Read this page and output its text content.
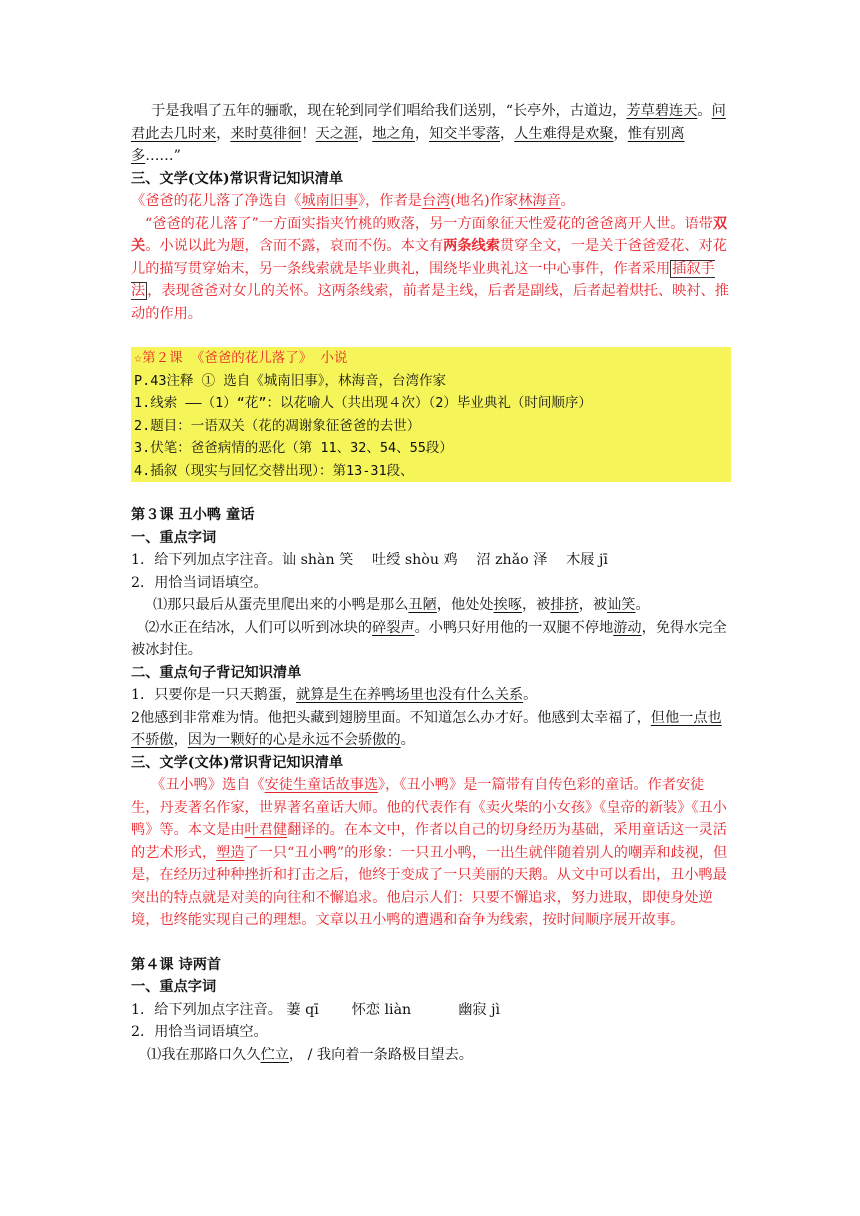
于是我唱了五年的骊歌，现在轮到同学们唱给我们送别，“长亭外，古道边，芳草碧连天。问君此去几时来，来时莫徘徊！天之涯，地之角，知交半零落，人生难得是欢聚，惟有别离多……”

三、文学(文体)常识背记知识清单

《爸爸的花儿落了净选自《城南旧事》，作者是台湾(地名)作家林海音。

“爸爸的花儿落了”一方面实指夹竹桃的败落，另一方面象征天性爱花的爸爸离开人世。语带双关。小说以此为题，含而不露，哀而不伤。本文有两条线索贯穿全文，一是关于爸爸爱花、对花儿的描写贯穿始末，另一条线索就是毕业典礼，围绕毕业典礼这一中心事件，作者采用 插叙手法 ，表现爸爸对女儿的关怀。这两条线索，前者是主线，后者是副线，后者起着烘托、映衬、推动的作用。

☆第２课 《爸爸的花儿落了》 小说

P.43注释 ① 选自《城南旧事》，林海音，台湾作家

1.线索 ——（1）“花”：以花喻人（共出现４次）（2）毕业典礼（时间顺序）

2.题目：一语双关（花的凋谢象征爸爸的去世）

3.伏笔：爸爸病情的恶化（第 11、32、54、55段）

4.插叙（现实与回忆交替出现）：第13-31段、

第３课 丑小鸭 童话

一、重点字词

1．给下列加点字注音。讪 shàn 笑　 吐绶 shòu 鸡　 沼 zhǎo 泽　 木屐 jī

2．用恰当词语填空。

⑴那只最后从蛋壳里爬出来的小鸭是那么丑陋，他处处挨啄，被排挤，被讪笑。

⑵水正在结冰，人们可以听到冰块的碎裂声。小鸭只好用他的一双腿不停地游动，免得水完全被冰封住。

二、重点句子背记知识清单

1．只要你是一只天鹅蛋，就算是生在养鸭场里也没有什么关系。

2他感到非常难为情。他把头藏到翅膀里面。不知道怎么办才好。他感到太幸福了，但他一点也不骄傲，因为一颗好的心是永远不会骄傲的。

三、文学(文体)常识背记知识清单

《丑小鸭》选自《安徒生童话故事选》，《丑小鸭》是一篇带有自传色彩的童话。作者安徒生，丹麦著名作家，世界著名童话大师。他的代表作有《卖火柴的小女孩》《皇帝的新装》《丑小鸭》等。本文是由叶君健翻译的。在本文中，作者以自己的切身经历为基础，采用童话这一灵活的艺术形式，塑造了一只“丑小鸭”的形象：一只丑小鸭，一出生就伴随着别人的嘲弄和歧视，但是，在经历过种种挫折和打击之后，他终于变成了一只美丽的天鹅。从文中可以看出，丑小鸭最突出的特点就是对美的向往和不懈追求。他启示人们：只要不懈追求，努力进取，即使身处逆境，也终能实现自己的理想。文章以丑小鸭的遭遇和奋争为线索，按时间顺序展开故事。

第４课 诗两首

一、重点字词

1．给下列加点字注音。 萋 qī　　 怀恋 liàn　　　 幽寂 jì

2．用恰当词语填空。

⑴我在那路口久久伫立， / 我向着一条路极目望去。
